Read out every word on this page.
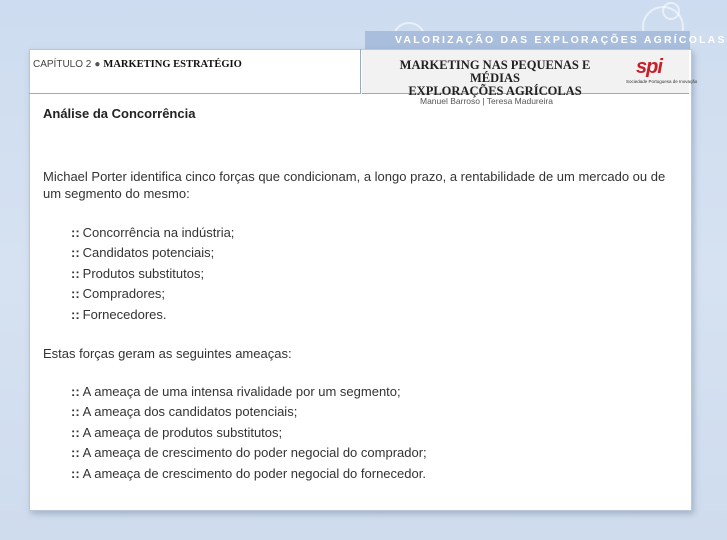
VALORIZAÇÃO DAS EXPLORAÇÕES AGRÍCOLAS
CAPÍTULO 2 ● MARKETING ESTRATÉGIO	MARKETING NAS PEQUENAS E MÉDIAS
EXPLORAÇÕES AGRÍCOLAS
spi
Sociedade Portuguesa de Inovação
Manuel Barroso | Teresa Madureira
Análise da Concorrência

Michael Porter identifica cinco forças que condicionam, a longo prazo, a rentabilidade de um mercado ou de um segmento do mesmo:

:: Concorrência na indústria;
:: Candidatos potenciais;
:: Produtos substitutos;
:: Compradores;
:: Fornecedores.

Estas forças geram as seguintes ameaças:

:: A ameaça de uma intensa rivalidade por um segmento;
:: A ameaça dos candidatos potenciais;
:: A ameaça de produtos substitutos;
:: A ameaça de crescimento do poder negocial do comprador;
:: A ameaça de crescimento do poder negocial do fornecedor.
